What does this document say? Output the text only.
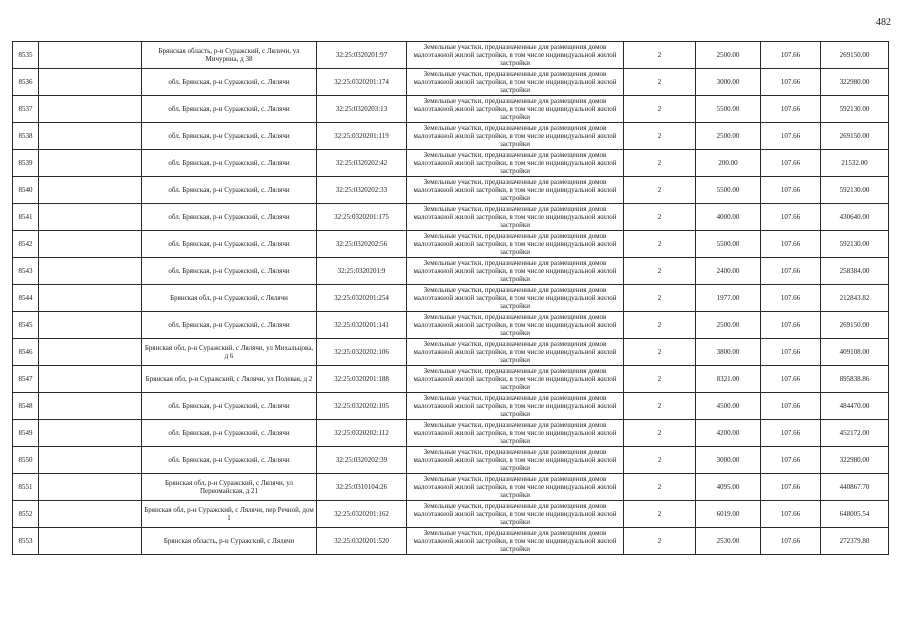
482
8535		Брянская область, р-н Суражский, с Ляличи, ул Мичурина, д 38	32:25:0320201:97	Земельные участки, предназначенные для размещения домов малоэтажной жилой застройки, в том числе индивидуальной жилой застройки	2	2500.00	107.66	269150.00
8536		обл. Брянская, р-н Суражский, с. Лялячи	32:25:0320201:174	Земельные участки, предназначенные для размещения домов малоэтажной жилой застройки, в том числе индивидуальной жилой застройки	2	3000.00	107.66	322980.00
8537		обл. Брянская, р-н Суражский, с. Лялячи	32:25:0320203:13	Земельные участки, предназначенные для размещения домов малоэтажной жилой застройки, в том числе индивидуальной жилой застройки	2	5500.00	107.66	592130.00
8538		обл. Брянская, р-н Суражский, с. Лялячи	32:25:0320201:119	Земельные участки, предназначенные для размещения домов малоэтажной жилой застройки, в том числе индивидуальной жилой застройки	2	2500.00	107.66	269150.00
8539		обл. Брянская, р-н Суражский, с. Лялячи	32:25:0320202:42	Земельные участки, предназначенные для размещения домов малоэтажной жилой застройки, в том числе индивидуальной жилой застройки	2	200.00	107.66	21532.00
8540		обл. Брянская, р-н Суражский, с. Лялячи	32:25:0320202:33	Земельные участки, предназначенные для размещения домов малоэтажной жилой застройки, в том числе индивидуальной жилой застройки	2	5500.00	107.66	592130.00
8541		обл. Брянская, р-н Суражский, с. Лялячи	32:25:0320201:175	Земельные участки, предназначенные для размещения домов малоэтажной жилой застройки, в том числе индивидуальной жилой застройки	2	4000.00	107.66	430640.00
8542		обл. Брянская, р-н Суражский, с. Лялячи	32:25:0320202:56	Земельные участки, предназначенные для размещения домов малоэтажной жилой застройки, в том числе индивидуальной жилой застройки	2	5500.00	107.66	592130.00
8543		обл. Брянская, р-н Суражский, с. Лялячи	32:25:0320201:9	Земельные участки, предназначенные для размещения домов малоэтажной жилой застройки, в том числе индивидуальной жилой застройки	2	2400.00	107.66	258384.00
8544		Брянская обл, р-н Суражский, с Лялячи	32:25:0320201:254	Земельные участки, предназначенные для размещения домов малоэтажной жилой застройки, в том числе индивидуальной жилой застройки	2	1977.00	107.66	212843.82
8545		обл. Брянская, р-н Суражский, с. Лялячи	32:25:0320201:141	Земельные участки, предназначенные для размещения домов малоэтажной жилой застройки, в том числе индивидуальной жилой застройки	2	2500.00	107.66	269150.00
8546		Брянская обл, р-н Суражский, с Лялячи, ул Михальцова, д 6	32:25:0320202:106	Земельные участки, предназначенные для размещения домов малоэтажной жилой застройки, в том числе индивидуальной жилой застройки	2	3800.00	107.66	409108.00
8547		Брянская обл, р-н Суражский, с Лялячи, ул Полевая, д 2	32:25:0320201:188	Земельные участки, предназначенные для размещения домов малоэтажной жилой застройки, в том числе индивидуальной жилой застройки	2	8321.00	107.66	895838.86
8548		обл. Брянская, р-н Суражский, с. Лялячи	32:25:0320202:105	Земельные участки, предназначенные для размещения домов малоэтажной жилой застройки, в том числе индивидуальной жилой застройки	2	4500.00	107.66	484470.00
8549		обл. Брянская, р-н Суражский, с. Лялячи	32:25:0320202:112	Земельные участки, предназначенные для размещения домов малоэтажной жилой застройки, в том числе индивидуальной жилой застройки	2	4200.00	107.66	452172.00
8550		обл. Брянская, р-н Суражский, с. Лялячи	32:25:0320202:39	Земельные участки, предназначенные для размещения домов малоэтажной жилой застройки, в том числе индивидуальной жилой застройки	2	3000.00	107.66	322980.00
8551		Брянская обл, р-н Суражский, с Лялячи, ул Первомайская, д 21	32:25:0310104:26	Земельные участки, предназначенные для размещения домов малоэтажной жилой застройки, в том числе индивидуальной жилой застройки	2	4095.00	107.66	440867.70
8552		Брянская обл, р-н Суражский, с Лялячи, пер Речной, дом 1	32:25:0320201:162	Земельные участки, предназначенные для размещения домов малоэтажной жилой застройки, в том числе индивидуальной жилой застройки	2	6019.00	107.66	648005.54
8553		Брянская область, р-н Суражский, с Лялячи	32:25:0320201:520	Земельные участки, предназначенные для размещения домов малоэтажной жилой застройки, в том числе индивидуальной жилой застройки	2	2530.00	107.66	272379.80
